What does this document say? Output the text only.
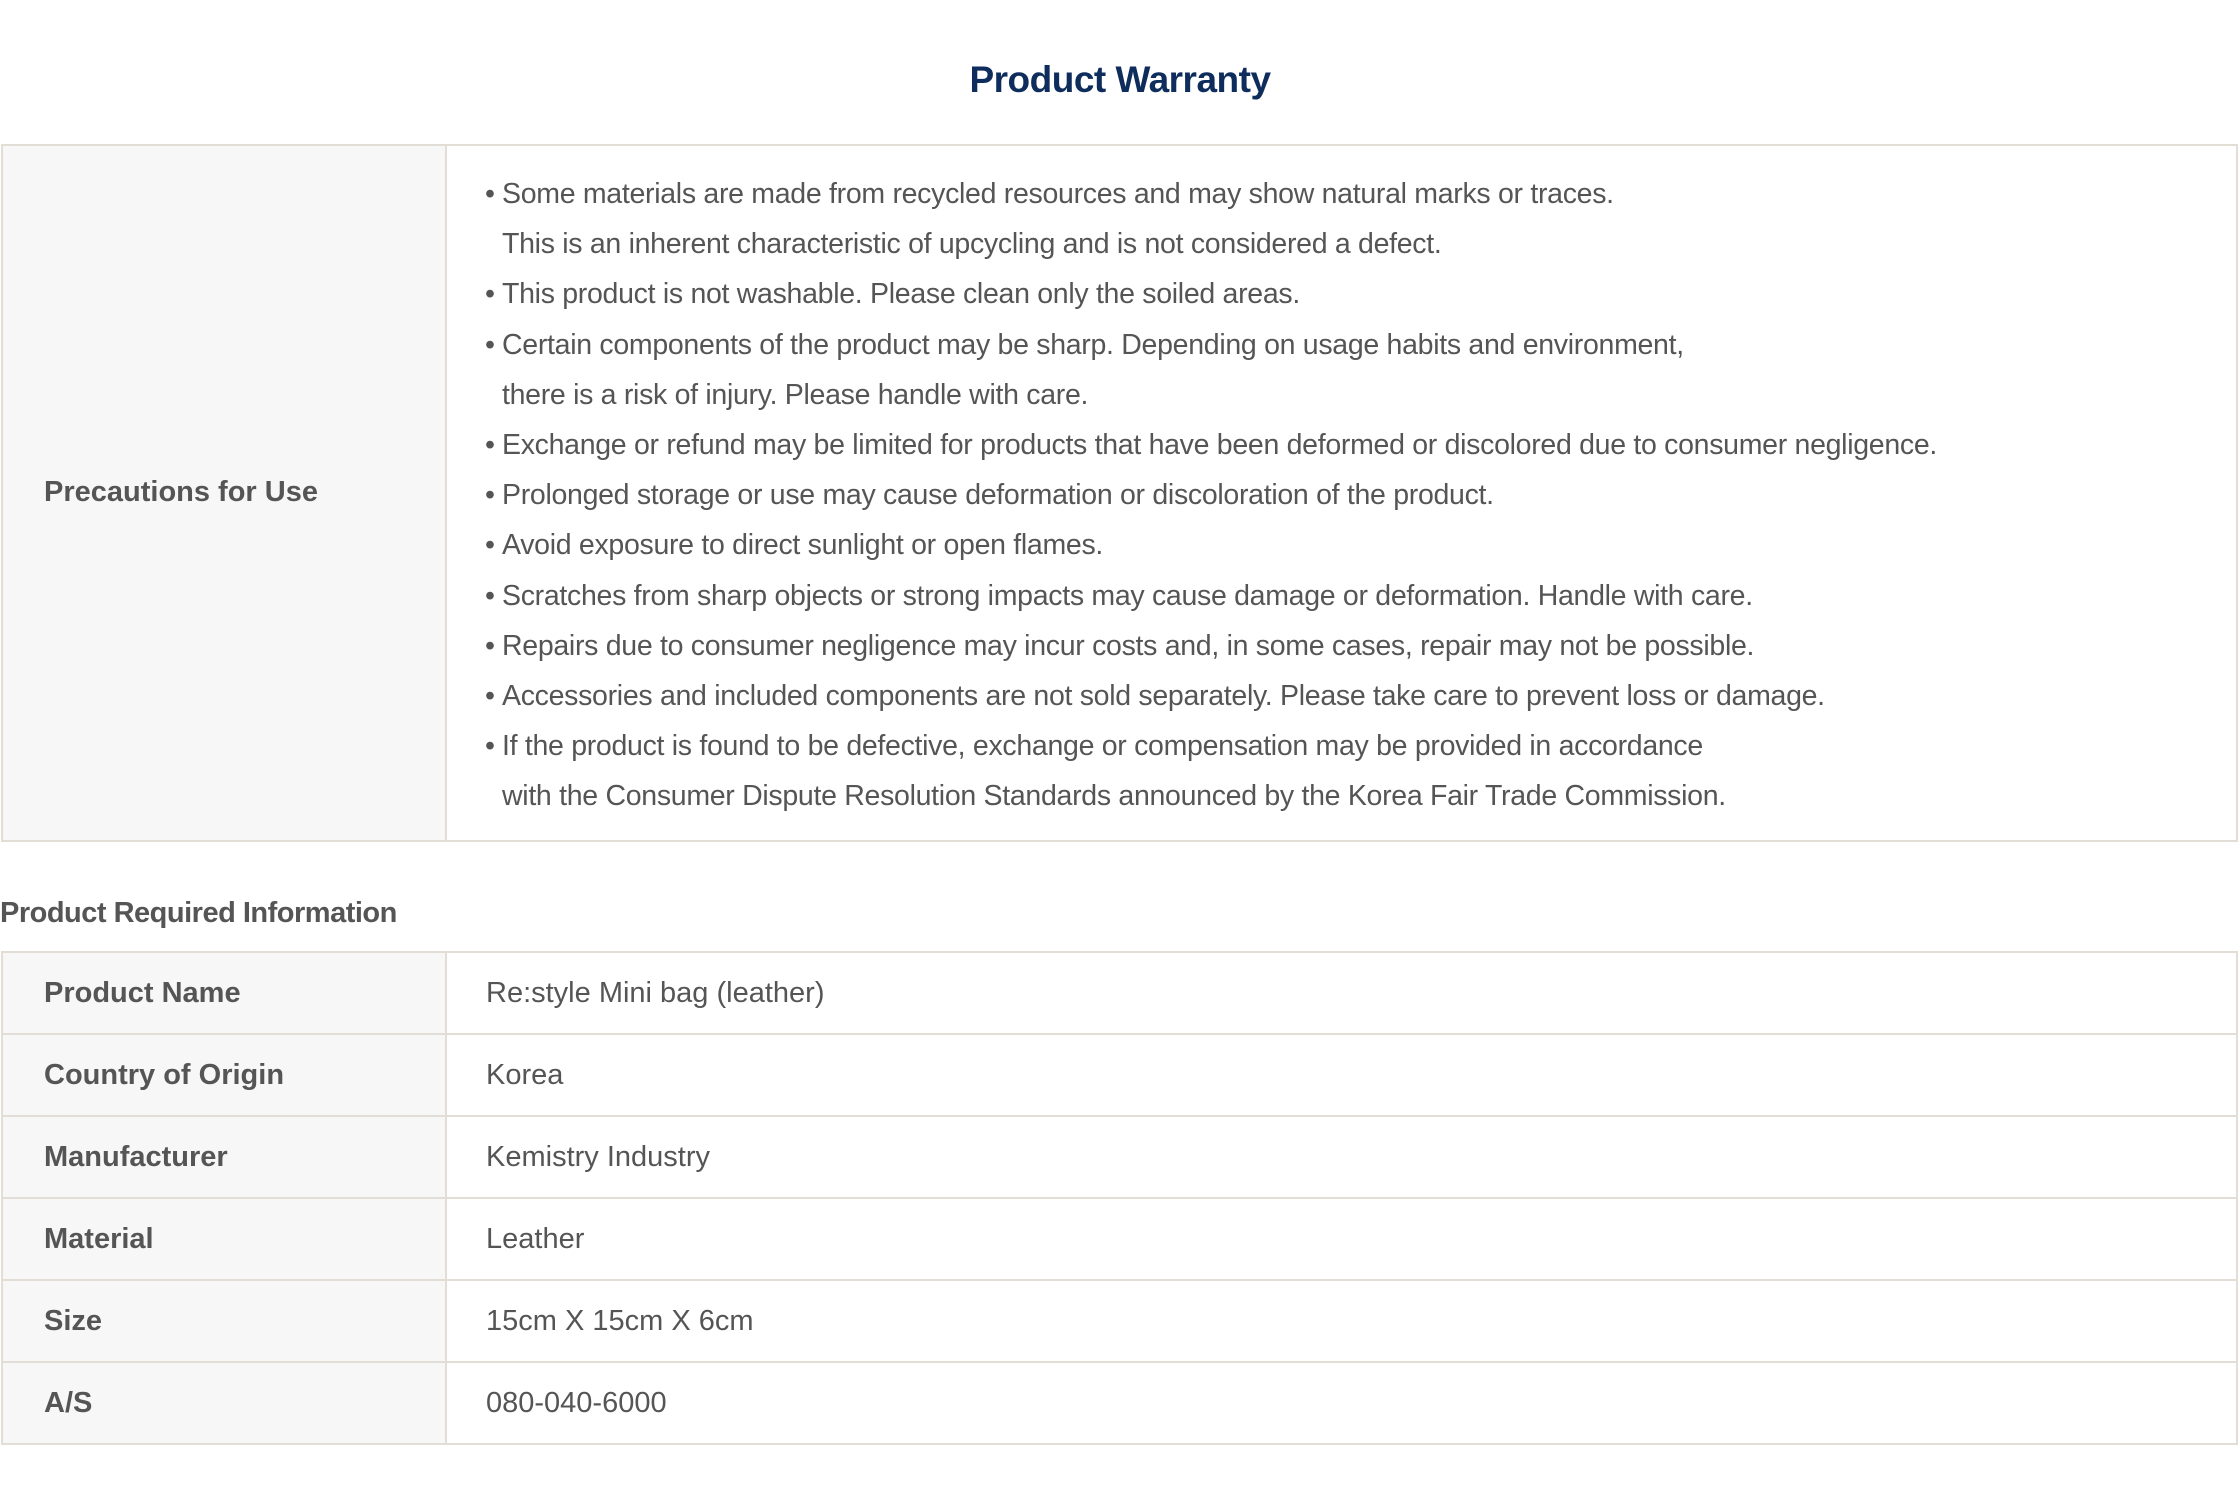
Product Warranty
Precautions for Use	
• Some materials are made from recycled resources and may show natural marks or traces.
This is an inherent characteristic of upcycling and is not considered a defect.
• This product is not washable. Please clean only the soiled areas.
• Certain components of the product may be sharp. Depending on usage habits and environment,
there is a risk of injury. Please handle with care.
• Exchange or refund may be limited for products that have been deformed or discolored due to consumer negligence.
• Prolonged storage or use may cause deformation or discoloration of the product.
• Avoid exposure to direct sunlight or open flames.
• Scratches from sharp objects or strong impacts may cause damage or deformation. Handle with care.
• Repairs due to consumer negligence may incur costs and, in some cases, repair may not be possible.
• Accessories and included components are not sold separately. Please take care to prevent loss or damage.
• If the product is found to be defective, exchange or compensation may be provided in accordance
with the Consumer Dispute Resolution Standards announced by the Korea Fair Trade Commission.
Product Required Information
Product Name	Re:style Mini bag (leather)
Country of Origin	Korea
Manufacturer	Kemistry Industry
Material	Leather
Size	15cm X 15cm X 6cm
A/S	080-040-6000
